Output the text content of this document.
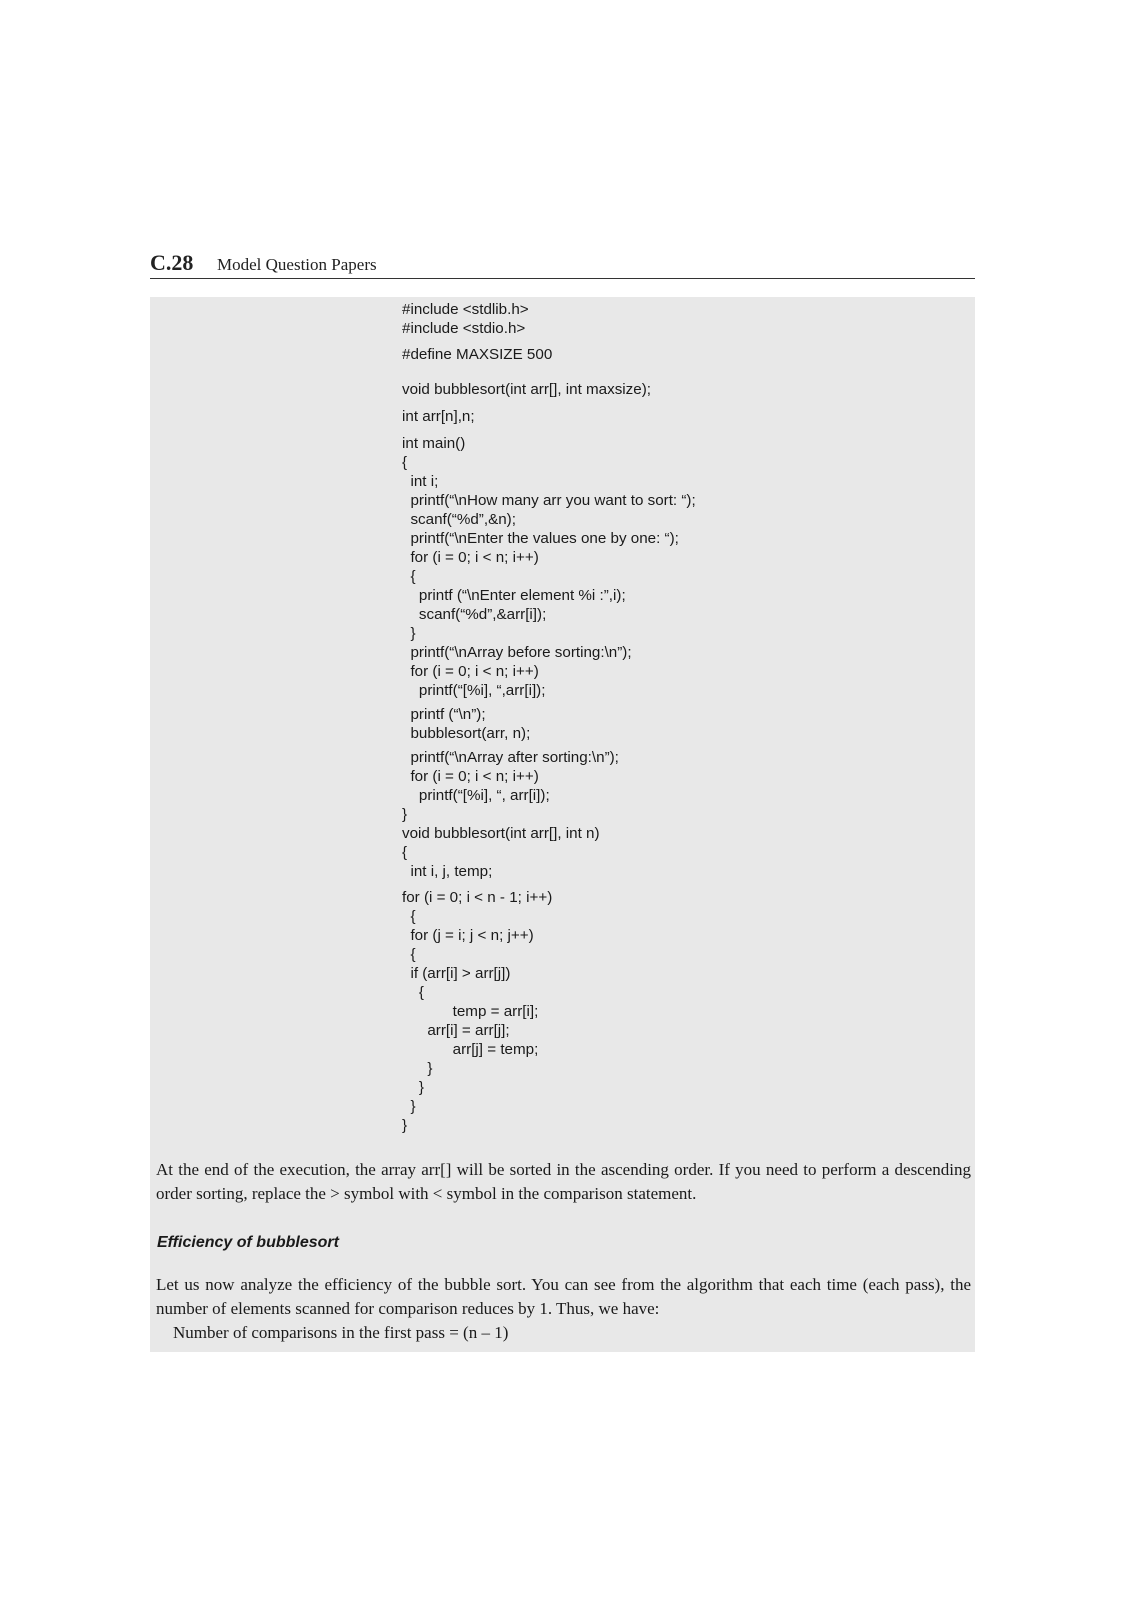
C.28 Model Question Papers
#include <stdlib.h>
#include <stdio.h>
#define MAXSIZE 500
void bubblesort(int arr[], int maxsize);
int arr[n],n;
int main()
{
int i;
printf(“\nHow many arr you want to sort: “);
scanf(“%d”,&n);
printf(“\nEnter the values one by one: “);
for (i = 0; i < n; i++)
{
printf (“\nEnter element %i :”,i);
scanf(“%d”,&arr[i]);
}
printf(“\nArray before sorting:\n”);
for (i = 0; i < n; i++)
printf(“[%i], “,arr[i]);
printf (“\n”);
bubblesort(arr, n);
printf(“\nArray after sorting:\n”);
for (i = 0; i < n; i++)
printf(“[%i], “, arr[i]);
}
void bubblesort(int arr[], int n)
{
int i, j, temp;
for (i = 0; i < n - 1; i++)
{
for (j = i; j < n; j++)
{
if (arr[i] > arr[j])
{
temp = arr[i];
arr[i] = arr[j];
arr[j] = temp;
}
}
}
}

At the end of the execution, the array arr[] will be sorted in the ascending order. If you need to perform a descending order sorting, replace the > symbol with < symbol in the comparison statement.

Efficiency of bubblesort

Let us now analyze the efficiency of the bubble sort. You can see from the algorithm that each time (each pass), the number of elements scanned for comparison reduces by 1. Thus, we have:

Number of comparisons in the first pass = (n – 1)
